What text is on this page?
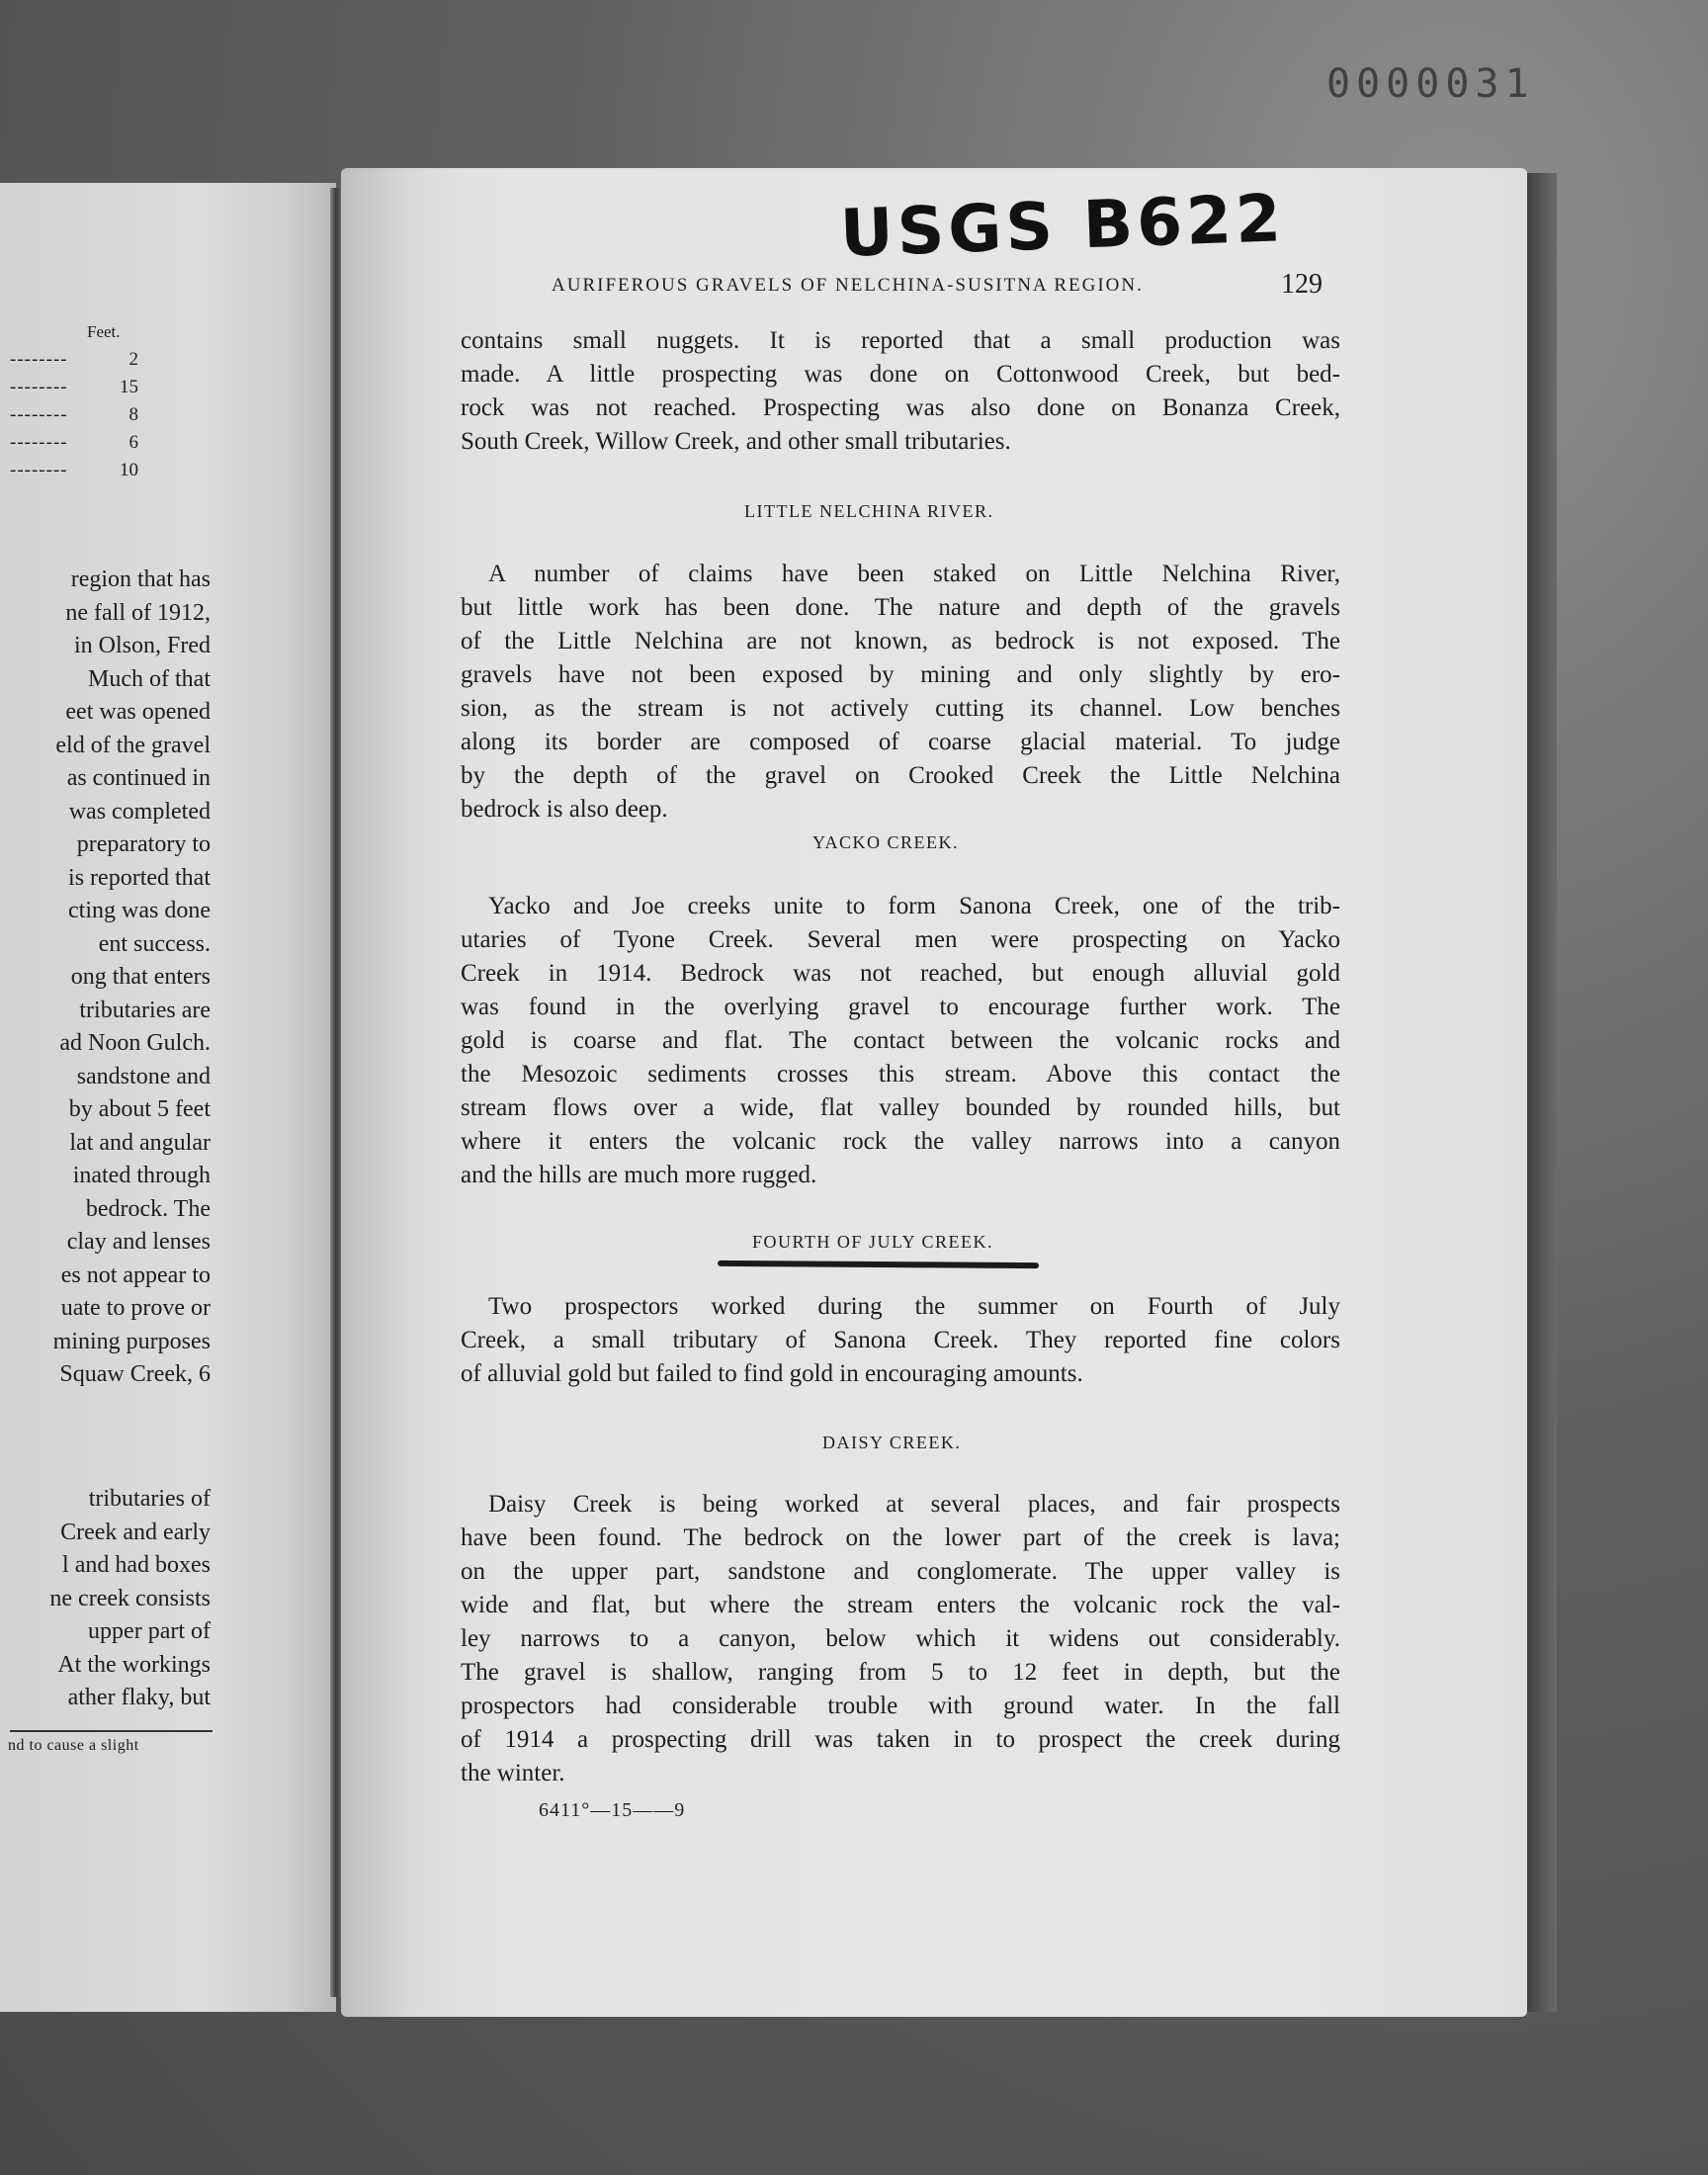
0000031
Feet.
--------	2
--------	15
--------	8
--------	6
--------	10
region that has
ne fall of 1912,
in Olson, Fred
Much of that
eet was opened
eld of the gravel
as continued in
was completed
preparatory to
is reported that
cting was done
ent success.
ong that enters
tributaries are
ad Noon Gulch.
sandstone and
by about 5 feet
lat and angular
inated through
bedrock. The
clay and lenses
es not appear to
uate to prove or
mining purposes
Squaw Creek, 6
tributaries of
Creek and early
l and had boxes
ne creek consists
upper part of
At the workings
ather flaky, but
nd to cause a slight
USGS B622
AURIFEROUS GRAVELS OF NELCHINA-SUSITNA REGION.	129
contains small nuggets. It is reported that a small production was
made. A little prospecting was done on Cottonwood Creek, but bed-
rock was not reached. Prospecting was also done on Bonanza Creek,
South Creek, Willow Creek, and other small tributaries.
LITTLE NELCHINA RIVER.
A number of claims have been staked on Little Nelchina River,
but little work has been done. The nature and depth of the gravels
of the Little Nelchina are not known, as bedrock is not exposed. The
gravels have not been exposed by mining and only slightly by ero-
sion, as the stream is not actively cutting its channel. Low benches
along its border are composed of coarse glacial material. To judge
by the depth of the gravel on Crooked Creek the Little Nelchina
bedrock is also deep.
YACKO CREEK.
Yacko and Joe creeks unite to form Sanona Creek, one of the trib-
utaries of Tyone Creek. Several men were prospecting on Yacko
Creek in 1914. Bedrock was not reached, but enough alluvial gold
was found in the overlying gravel to encourage further work. The
gold is coarse and flat. The contact between the volcanic rocks and
the Mesozoic sediments crosses this stream. Above this contact the
stream flows over a wide, flat valley bounded by rounded hills, but
where it enters the volcanic rock the valley narrows into a canyon
and the hills are much more rugged.
FOURTH OF JULY CREEK.
Two prospectors worked during the summer on Fourth of July
Creek, a small tributary of Sanona Creek. They reported fine colors
of alluvial gold but failed to find gold in encouraging amounts.
DAISY CREEK.
Daisy Creek is being worked at several places, and fair prospects
have been found. The bedrock on the lower part of the creek is lava;
on the upper part, sandstone and conglomerate. The upper valley is
wide and flat, but where the stream enters the volcanic rock the val-
ley narrows to a canyon, below which it widens out considerably.
The gravel is shallow, ranging from 5 to 12 feet in depth, but the
prospectors had considerable trouble with ground water. In the fall
of 1914 a prospecting drill was taken in to prospect the creek during
the winter.
6411°—15——9
